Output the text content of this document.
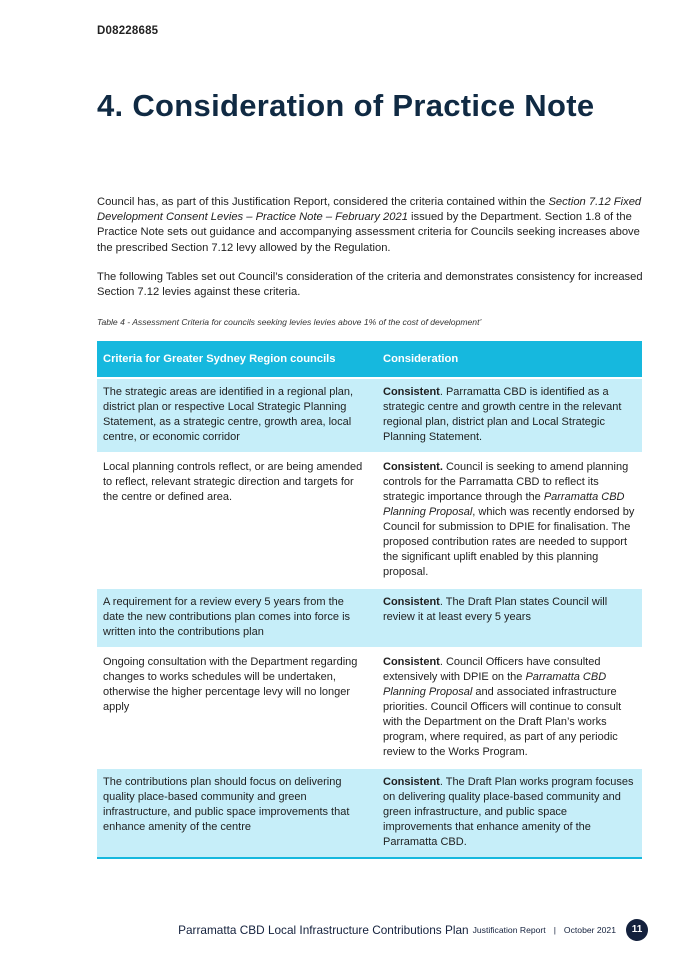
D08228685
4. Consideration of Practice Note

Council has, as part of this Justification Report, considered the criteria contained within the Section 7.12 Fixed Development Consent Levies – Practice Note – February 2021 issued by the Department. Section 1.8 of the Practice Note sets out guidance and accompanying assessment criteria for Councils seeking increases above the prescribed Section 7.12 levy allowed by the Regulation.

The following Tables set out Council’s consideration of the criteria and demonstrates consistency for increased Section 7.12 levies against these criteria.

Table 4 - Assessment Criteria for councils seeking levies levies above 1% of the cost of development’

Criteria for Greater Sydney Region councils	Consideration
The strategic areas are identified in a regional plan, district plan or respective Local Strategic Planning Statement, as a strategic centre, growth area, local centre, or economic corridor	Consistent. Parramatta CBD is identified as a strategic centre and growth centre in the relevant regional plan, district plan and Local Strategic Planning Statement.
Local planning controls reflect, or are being amended to reflect, relevant strategic direction and targets for the centre or defined area.	Consistent. Council is seeking to amend planning controls for the Parramatta CBD to reflect its strategic importance through the Parramatta CBD Planning Proposal, which was recently endorsed by Council for submission to DPIE for finalisation. The proposed contribution rates are needed to support the significant uplift enabled by this planning proposal.
A requirement for a review every 5 years from the date the new contributions plan comes into force is written into the contributions plan	Consistent. The Draft Plan states Council will review it at least every 5 years
Ongoing consultation with the Department regarding changes to works schedules will be undertaken, otherwise the higher percentage levy will no longer apply	Consistent. Council Officers have consulted extensively with DPIE on the Parramatta CBD Planning Proposal and associated infrastructure priorities. Council Officers will continue to consult with the Department on the Draft Plan’s works program, where required, as part of any periodic review to the Works Program.
The contributions plan should focus on delivering quality place-based community and green infrastructure, and public space improvements that enhance amenity of the centre	Consistent. The Draft Plan works program focuses on delivering quality place-based community and green infrastructure, and public space improvements that enhance amenity of the Parramatta CBD.
Parramatta CBD Local Infrastructure Contributions Plan Justification Report | October 2021	11
